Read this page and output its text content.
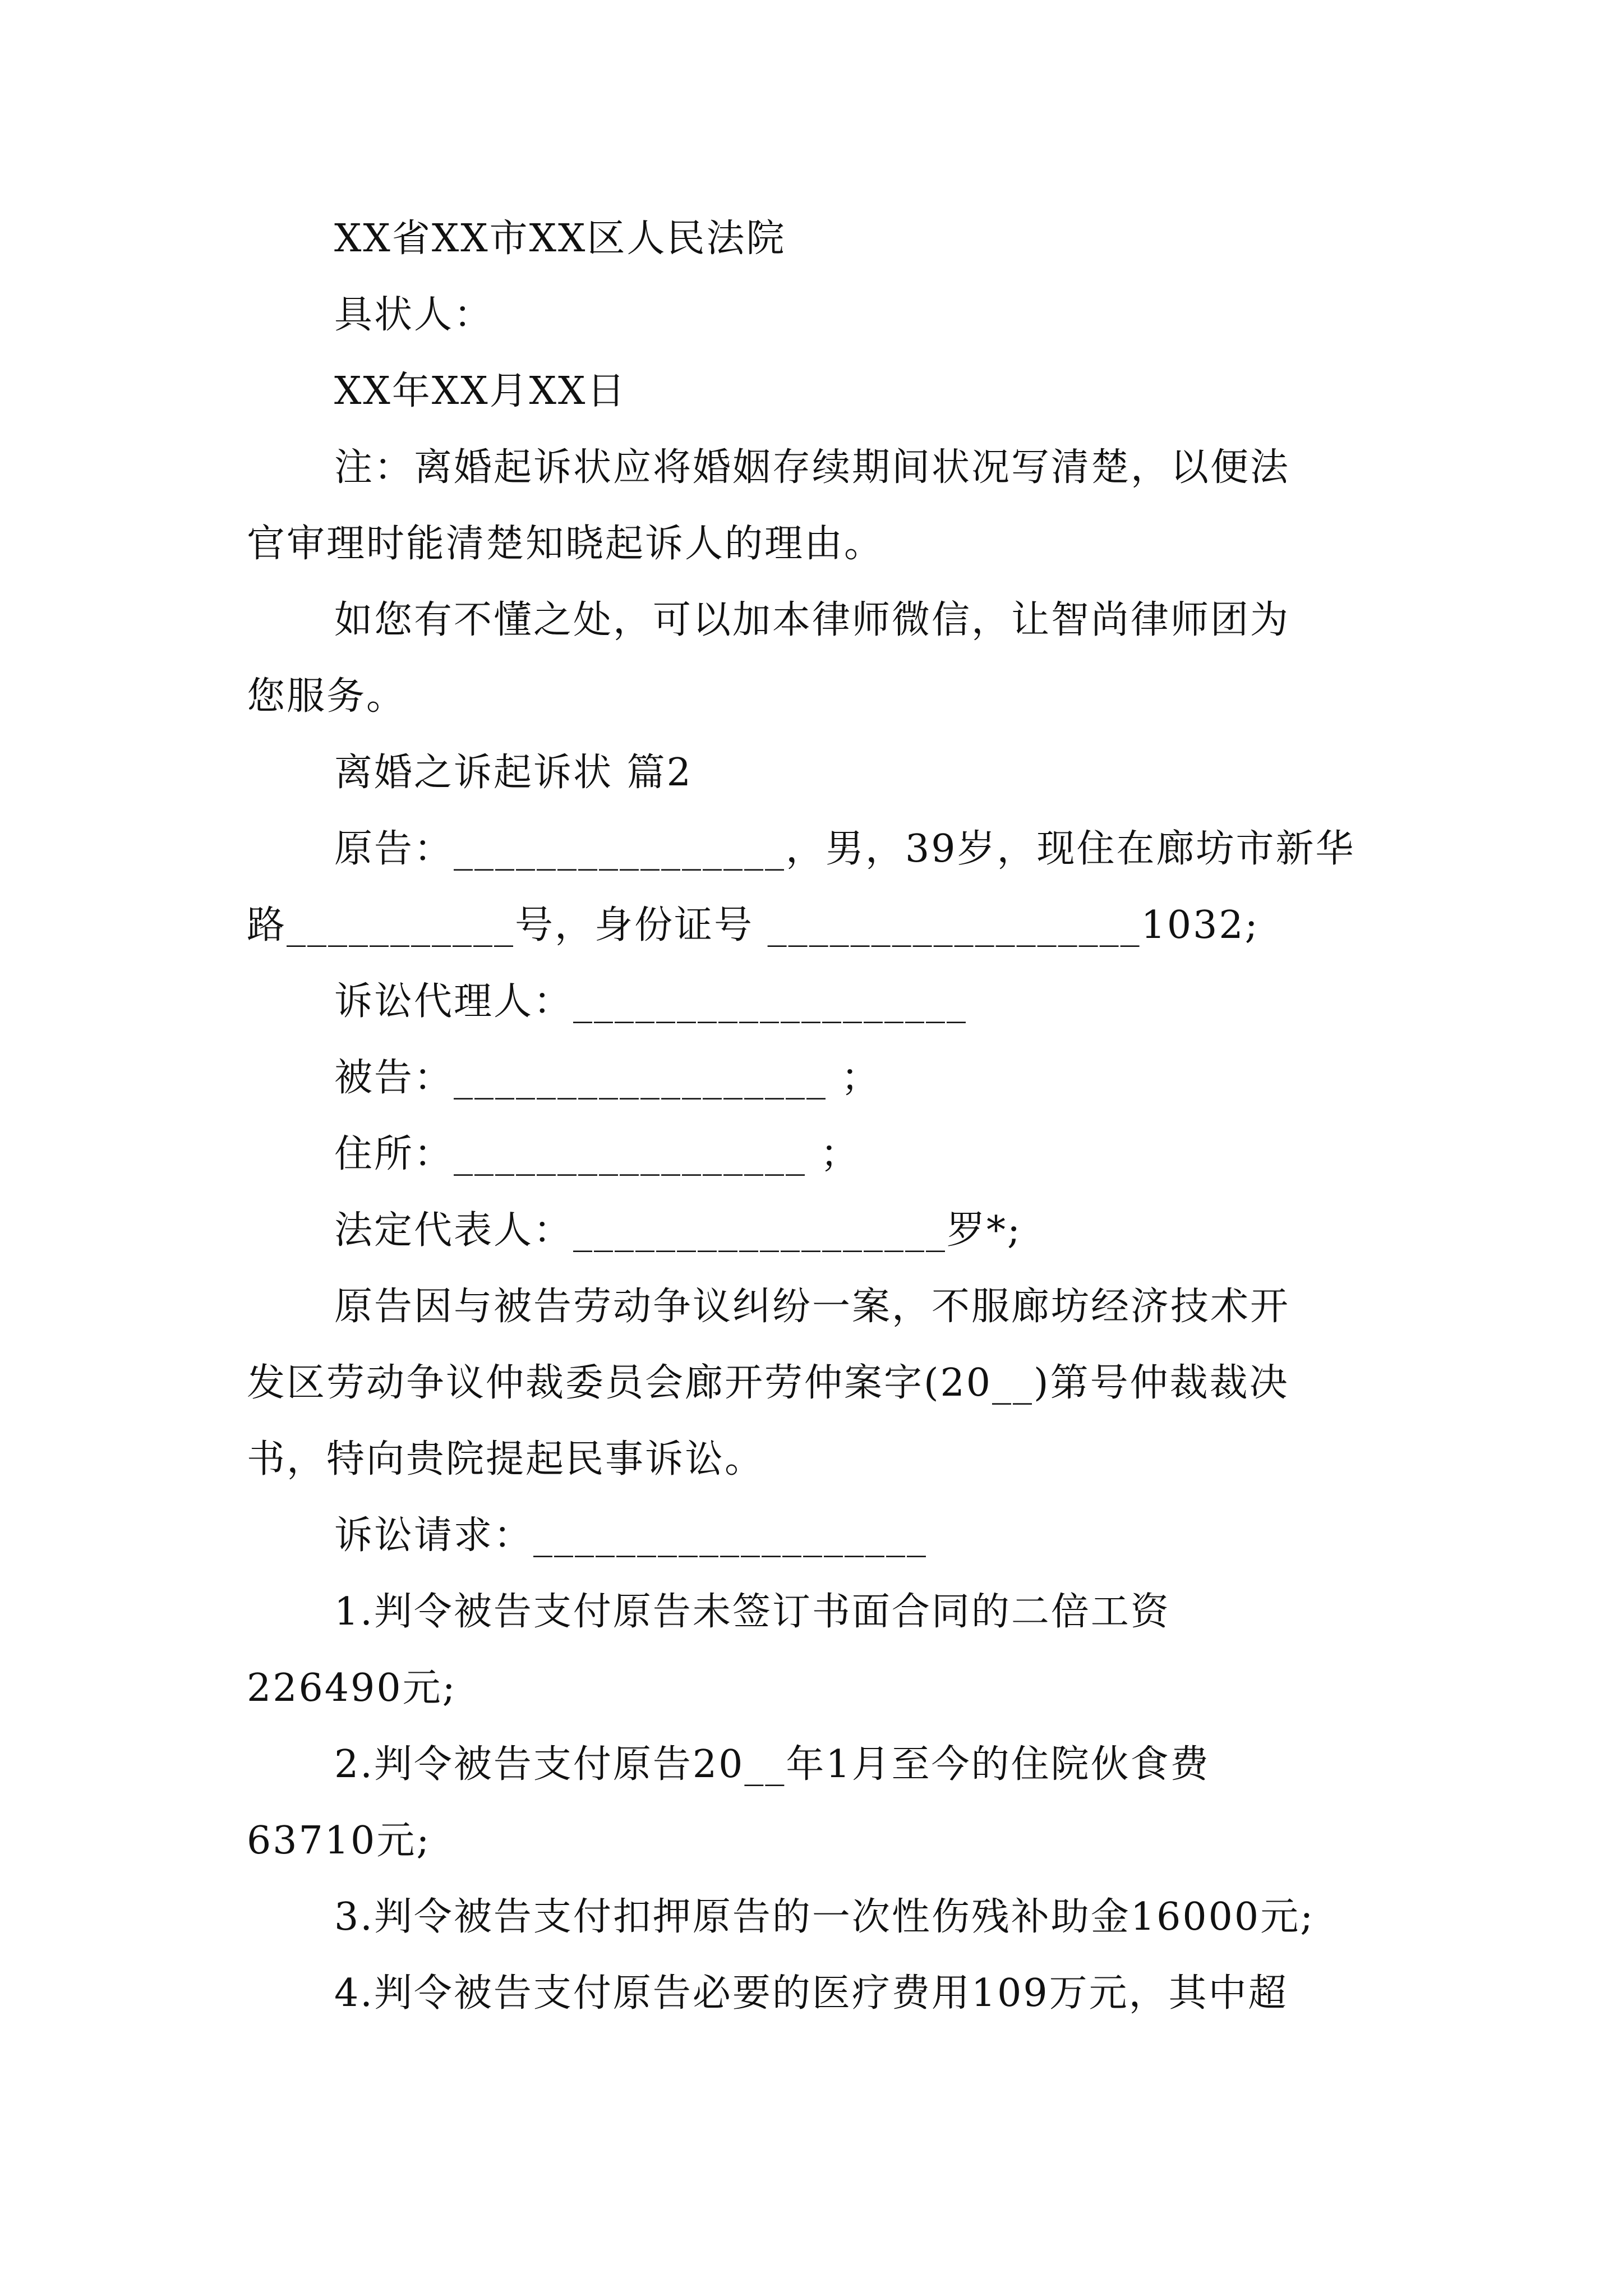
XX省XX市XX区人民法院
具状人：
XX年XX月XX日
注：离婚起诉状应将婚姻存续期间状况写清楚，以便法
官审理时能清楚知晓起诉人的理由。
如您有不懂之处，可以加本律师微信，让智尚律师团为
您服务。
离婚之诉起诉状 篇2
原告：________________，男，39岁，现住在廊坊市新华
路___________号，身份证号 __________________1032;
诉讼代理人：___________________
被告：__________________ ；
住所：_________________ ；
法定代表人：__________________罗*;
原告因与被告劳动争议纠纷一案，不服廊坊经济技术开
发区劳动争议仲裁委员会廊开劳仲案字(20__)第号仲裁裁决
书，特向贵院提起民事诉讼。
诉讼请求：___________________
1.判令被告支付原告未签订书面合同的二倍工资
226490元;
2.判令被告支付原告20__年1月至今的住院伙食费
63710元;
3.判令被告支付扣押原告的一次性伤残补助金16000元;
4.判令被告支付原告必要的医疗费用109万元，其中超
